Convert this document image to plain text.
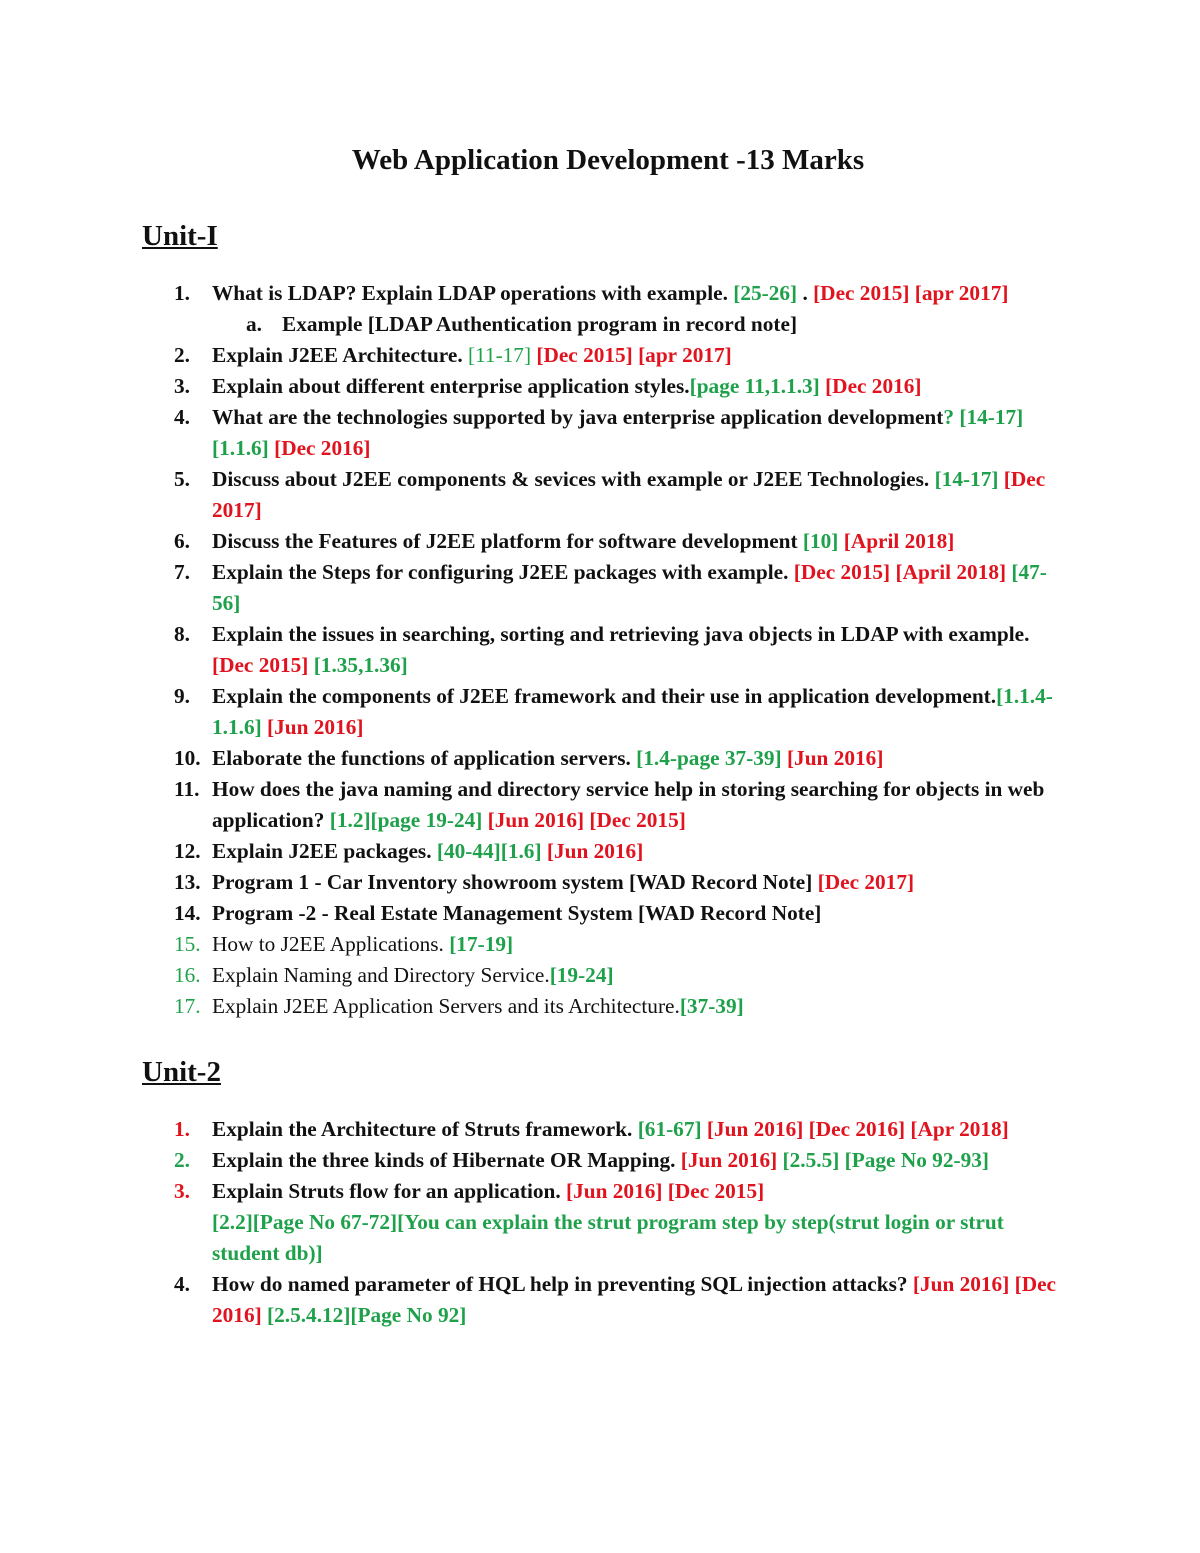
Web Application Development -13 Marks
Unit-I
1.	What is LDAP? Explain LDAP operations with example. [25-26] . [Dec 2015] [apr 2017]
a. Example [LDAP Authentication program in record note]
2.	Explain J2EE Architecture. [11-17] [Dec 2015] [apr 2017]
3.	Explain about different enterprise application styles.[page 11,1.1.3] [Dec 2016]
4.	What are the technologies supported by java enterprise application development? [14-17][1.1.6] [Dec 2016]
5.	Discuss about J2EE components & sevices with example or J2EE Technologies. [14-17] [Dec 2017]
6.	Discuss the Features of J2EE platform for software development [10] [April 2018]
7.	Explain the Steps for configuring J2EE packages with example. [Dec 2015] [April 2018] [47-56]
8.	Explain the issues in searching, sorting and retrieving java objects in LDAP with example. [Dec 2015] [1.35,1.36]
9.	Explain the components of J2EE framework and their use in application development.[1.1.4-1.1.6] [Jun 2016]
10. Elaborate the functions of application servers. [1.4-page 37-39] [Jun 2016]
11. How does the java naming and directory service help in storing searching for objects in web application? [1.2][page 19-24] [Jun 2016] [Dec 2015]
12. Explain J2EE packages. [40-44][1.6] [Jun 2016]
13. Program 1 - Car Inventory showroom system [WAD Record Note] [Dec 2017]
14. Program -2 - Real Estate Management System [WAD Record Note]
15. How to J2EE Applications. [17-19]
16. Explain Naming and Directory Service.[19-24]
17. Explain J2EE Application Servers and its Architecture.[37-39]
Unit-2
1.	Explain the Architecture of Struts framework. [61-67] [Jun 2016] [Dec 2016] [Apr 2018]
2.	Explain the three kinds of Hibernate OR Mapping. [Jun 2016] [2.5.5] [Page No 92-93]
3.	Explain Struts flow for an application. [Jun 2016] [Dec 2015]
[2.2][Page No 67-72][You can explain the strut program step by step(strut login or strut student db)]
4.	How do named parameter of HQL help in preventing SQL injection attacks? [Jun 2016] [Dec 2016] [2.5.4.12][Page No 92]
